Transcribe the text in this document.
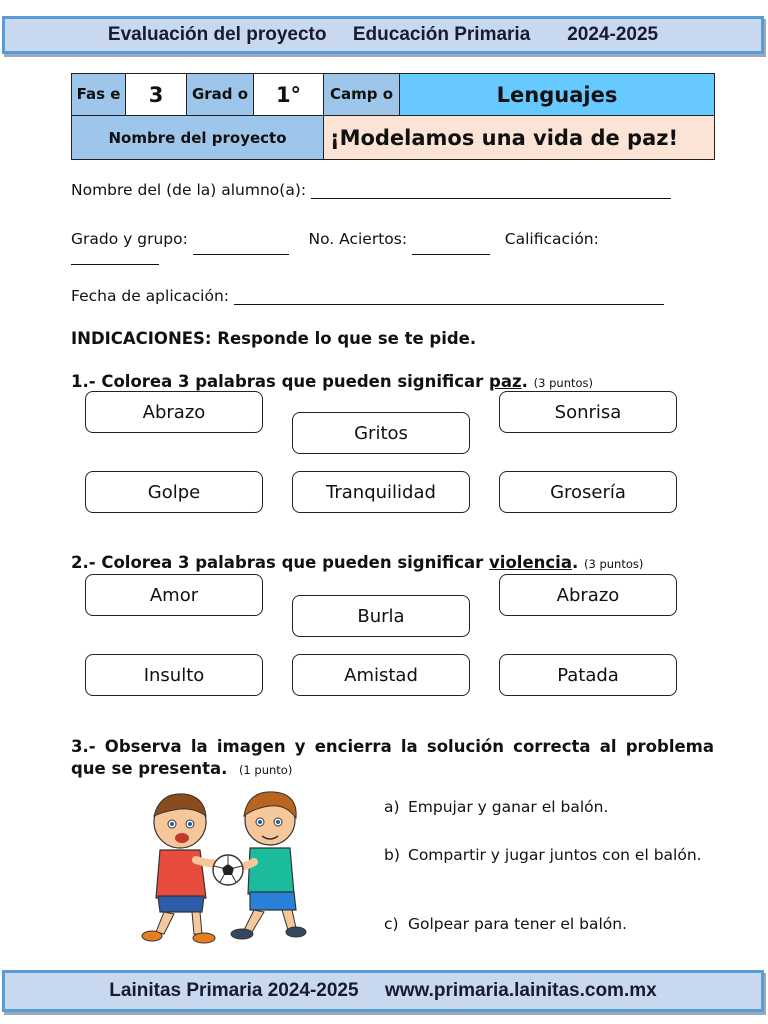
Evaluación del proyecto
Educación Primaria
2024-2025
Fas e	3	Grad o	1°	Camp o	Lenguajes
Nombre del proyecto				¡Modelamos una vida de paz!	
Nombre del (de la) alumno(a):
Grado y grupo:	No. Aciertos:	Calificación:
Fecha de aplicación:
INDICACIONES: Responde lo que se te pide.
1.- Colorea 3 palabras que pueden significar paz. (3 puntos)
Abrazo
Gritos
Sonrisa
Golpe	Tranquilidad	Grosería
2.- Colorea 3 palabras que pueden significar violencia. (3 puntos)
Amor
Burla
Abrazo
Insulto	Amistad	Patada
3.- Observa la imagen y encierra la solución correcta al problema que se presenta. (1 punto)
a) Empujar y ganar el balón.
b) Compartir y jugar juntos con el balón.
c) Golpear para tener el balón.
Lainitas Primaria 2024-2025
www.primaria.lainitas.com.mx
